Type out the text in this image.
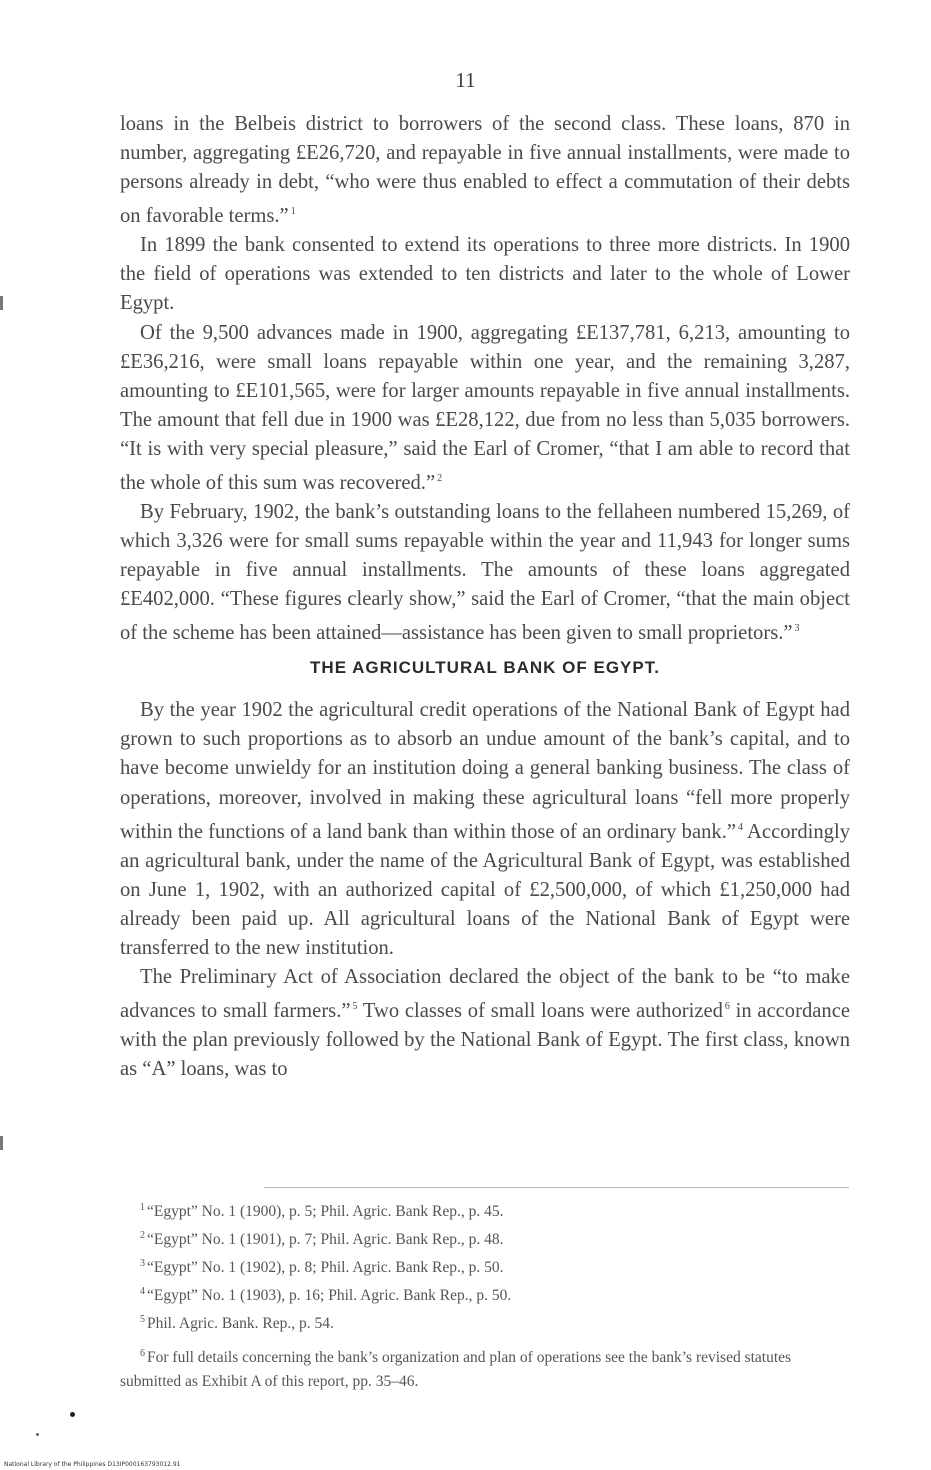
11

loans in the Belbeis district to borrowers of the second class. These loans, 870 in number, aggregating £E26,720, and repayable in five annual installments, were made to persons already in debt, “who were thus enabled to effect a commutation of their debts on favorable terms.” $^1$

In 1899 the bank consented to extend its operations to three more districts. In 1900 the field of operations was extended to ten districts and later to the whole of Lower Egypt.

Of the 9,500 advances made in 1900, aggregating £E137,781, 6,213, amounting to £E36,216, were small loans repayable within one year, and the remaining 3,287, amounting to £E101,565, were for larger amounts repayable in five annual installments. The amount that fell due in 1900 was £E28,122, due from no less than 5,035 borrowers. “It is with very special pleasure,” said the Earl of Cromer, “that I am able to record that the whole of this sum was recovered.” $^2$

By February, 1902, the bank’s outstanding loans to the fellaheen numbered 15,269, of which 3,326 were for small sums repayable within the year and 11,943 for longer sums repayable in five annual installments. The amounts of these loans aggregated £E402,000. “These figures clearly show,” said the Earl of Cromer, “that the main object of the scheme has been attained—assistance has been given to small proprietors.” $^3$

THE AGRICULTURAL BANK OF EGYPT.

By the year 1902 the agricultural credit operations of the National Bank of Egypt had grown to such proportions as to absorb an undue amount of the bank’s capital, and to have become unwieldy for an institution doing a general banking business. The class of operations, moreover, involved in making these agricultural loans “fell more properly within the functions of a land bank than within those of an ordinary bank.” $^4$ Accordingly an agricultural bank, under the name of the Agricultural Bank of Egypt, was established on June 1, 1902, with an authorized capital of £2,500,000, of which £1,250,000 had already been paid up. All agricultural loans of the National Bank of Egypt were transferred to the new institution.

The Preliminary Act of Association declared the object of the bank to be “to make advances to small farmers.” $^5$ Two classes of small loans were authorized $^6$ in accordance with the plan previously followed by the National Bank of Egypt. The first class, known as “A” loans, was to

$^1$ “Egypt” No. 1 (1900), p. 5; Phil. Agric. Bank Rep., p. 45.

$^2$ “Egypt” No. 1 (1901), p. 7; Phil. Agric. Bank Rep., p. 48.

$^3$ “Egypt” No. 1 (1902), p. 8; Phil. Agric. Bank Rep., p. 50.

$^4$ “Egypt” No. 1 (1903), p. 16; Phil. Agric. Bank Rep., p. 50.

$^5$ Phil. Agric. Bank. Rep., p. 54.

$^6$ For full details concerning the bank’s organization and plan of operations see the bank’s revised statutes submitted as Exhibit A of this report, pp. 35–46.

National Library of the Philippines D13IP000163793012.91
